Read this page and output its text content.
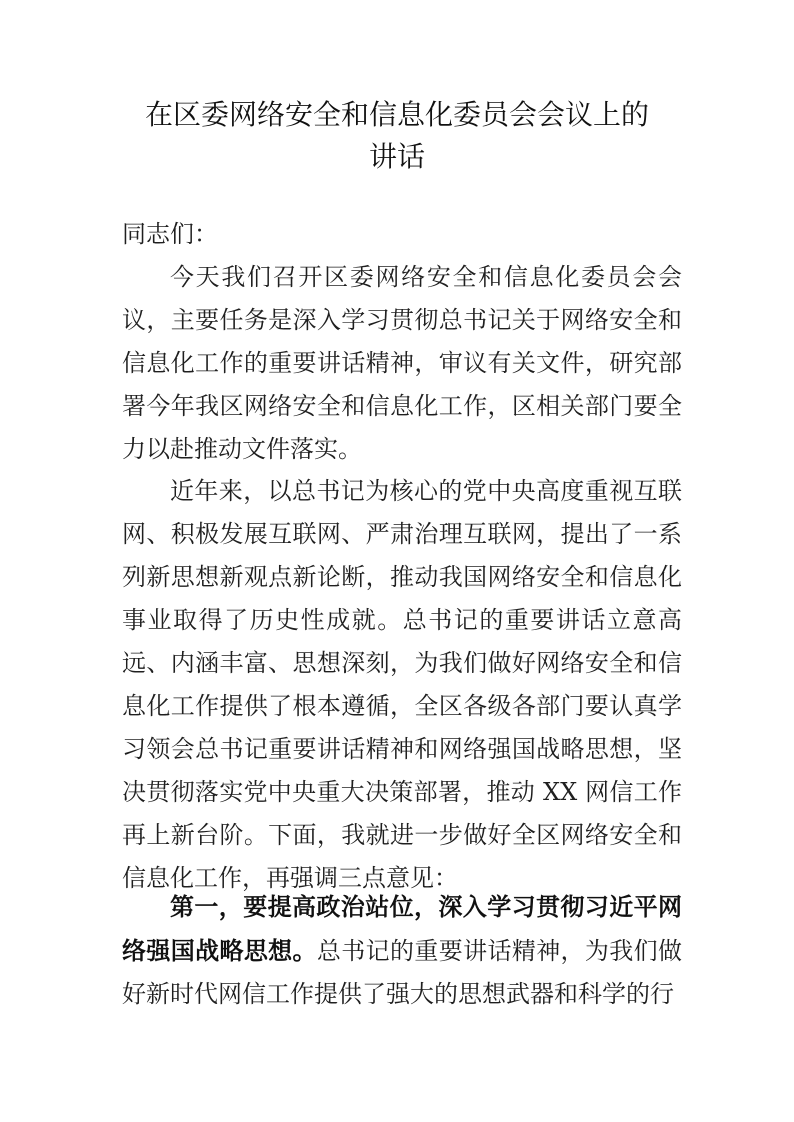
在区委网络安全和信息化委员会会议上的
讲话
同志们：

今天我们召开区委网络安全和信息化委员会会议，主要任务是深入学习贯彻总书记关于网络安全和信息化工作的重要讲话精神，审议有关文件，研究部署今年我区网络安全和信息化工作，区相关部门要全力以赴推动文件落实。

近年来，以总书记为核心的党中央高度重视互联网、积极发展互联网、严肃治理互联网，提出了一系列新思想新观点新论断，推动我国网络安全和信息化事业取得了历史性成就。总书记的重要讲话立意高远、内涵丰富、思想深刻，为我们做好网络安全和信息化工作提供了根本遵循，全区各级各部门要认真学习领会总书记重要讲话精神和网络强国战略思想，坚决贯彻落实党中央重大决策部署，推动 XX 网信工作再上新台阶。下面，我就进一步做好全区网络安全和信息化工作，再强调三点意见：

第一，要提高政治站位，深入学习贯彻习近平网络强国战略思想。总书记的重要讲话精神，为我们做好新时代网信工作提供了强大的思想武器和科学的行
